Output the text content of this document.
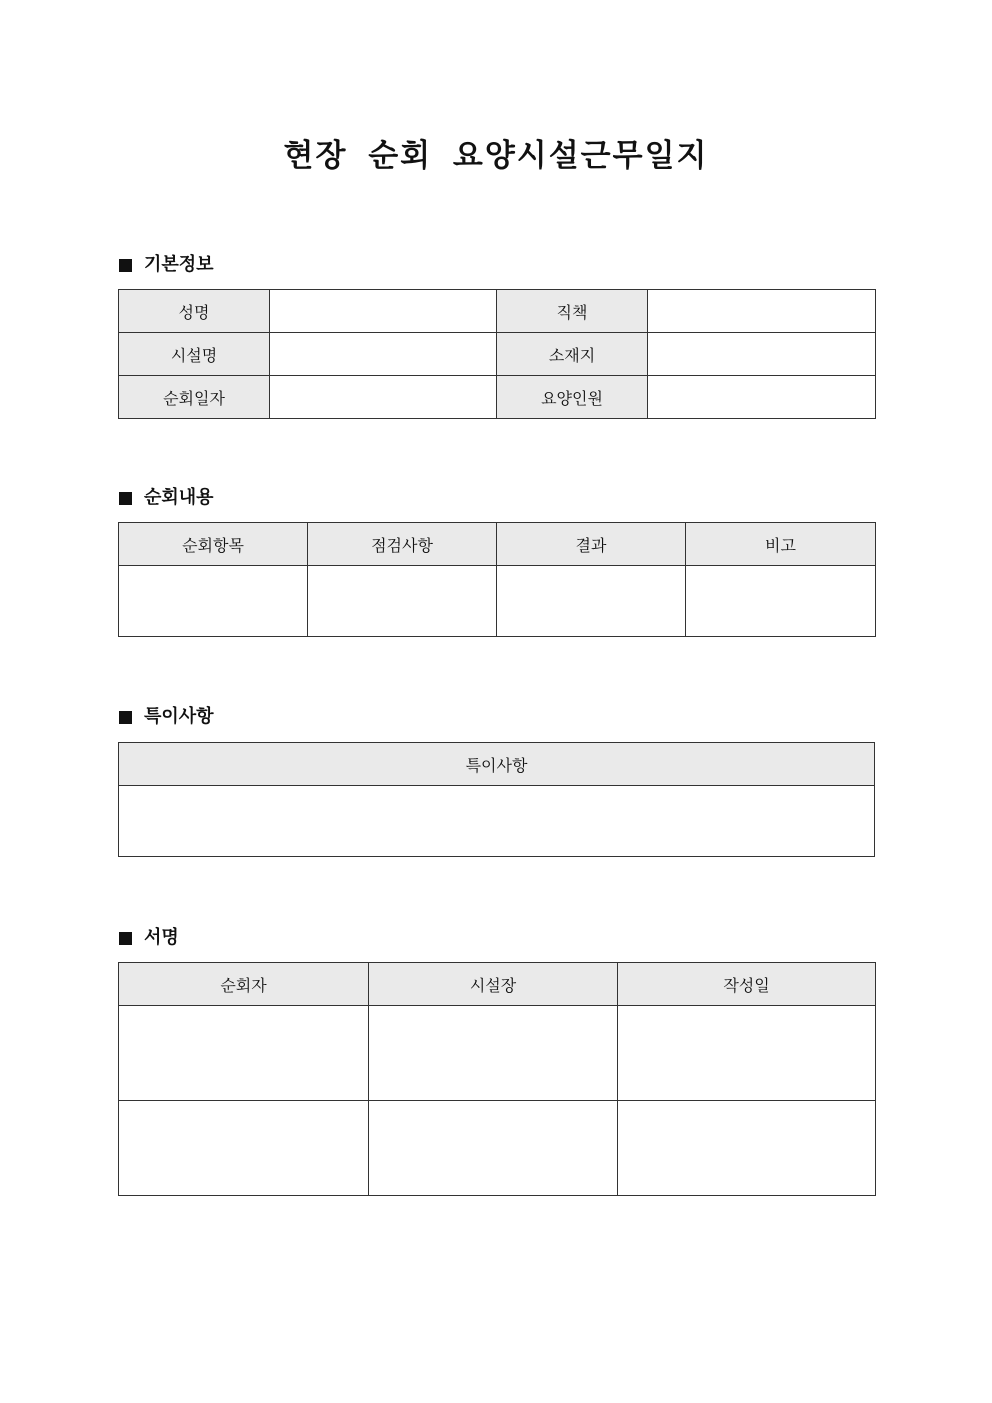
현장 순회 요양시설근무일지
기본정보
성명		직책	
시설명		소재지	
순회일자		요양인원	
순회내용
순회항목	점검사항	결과	비고

특이사항
특이사항

서명
순회자	시설장	작성일
